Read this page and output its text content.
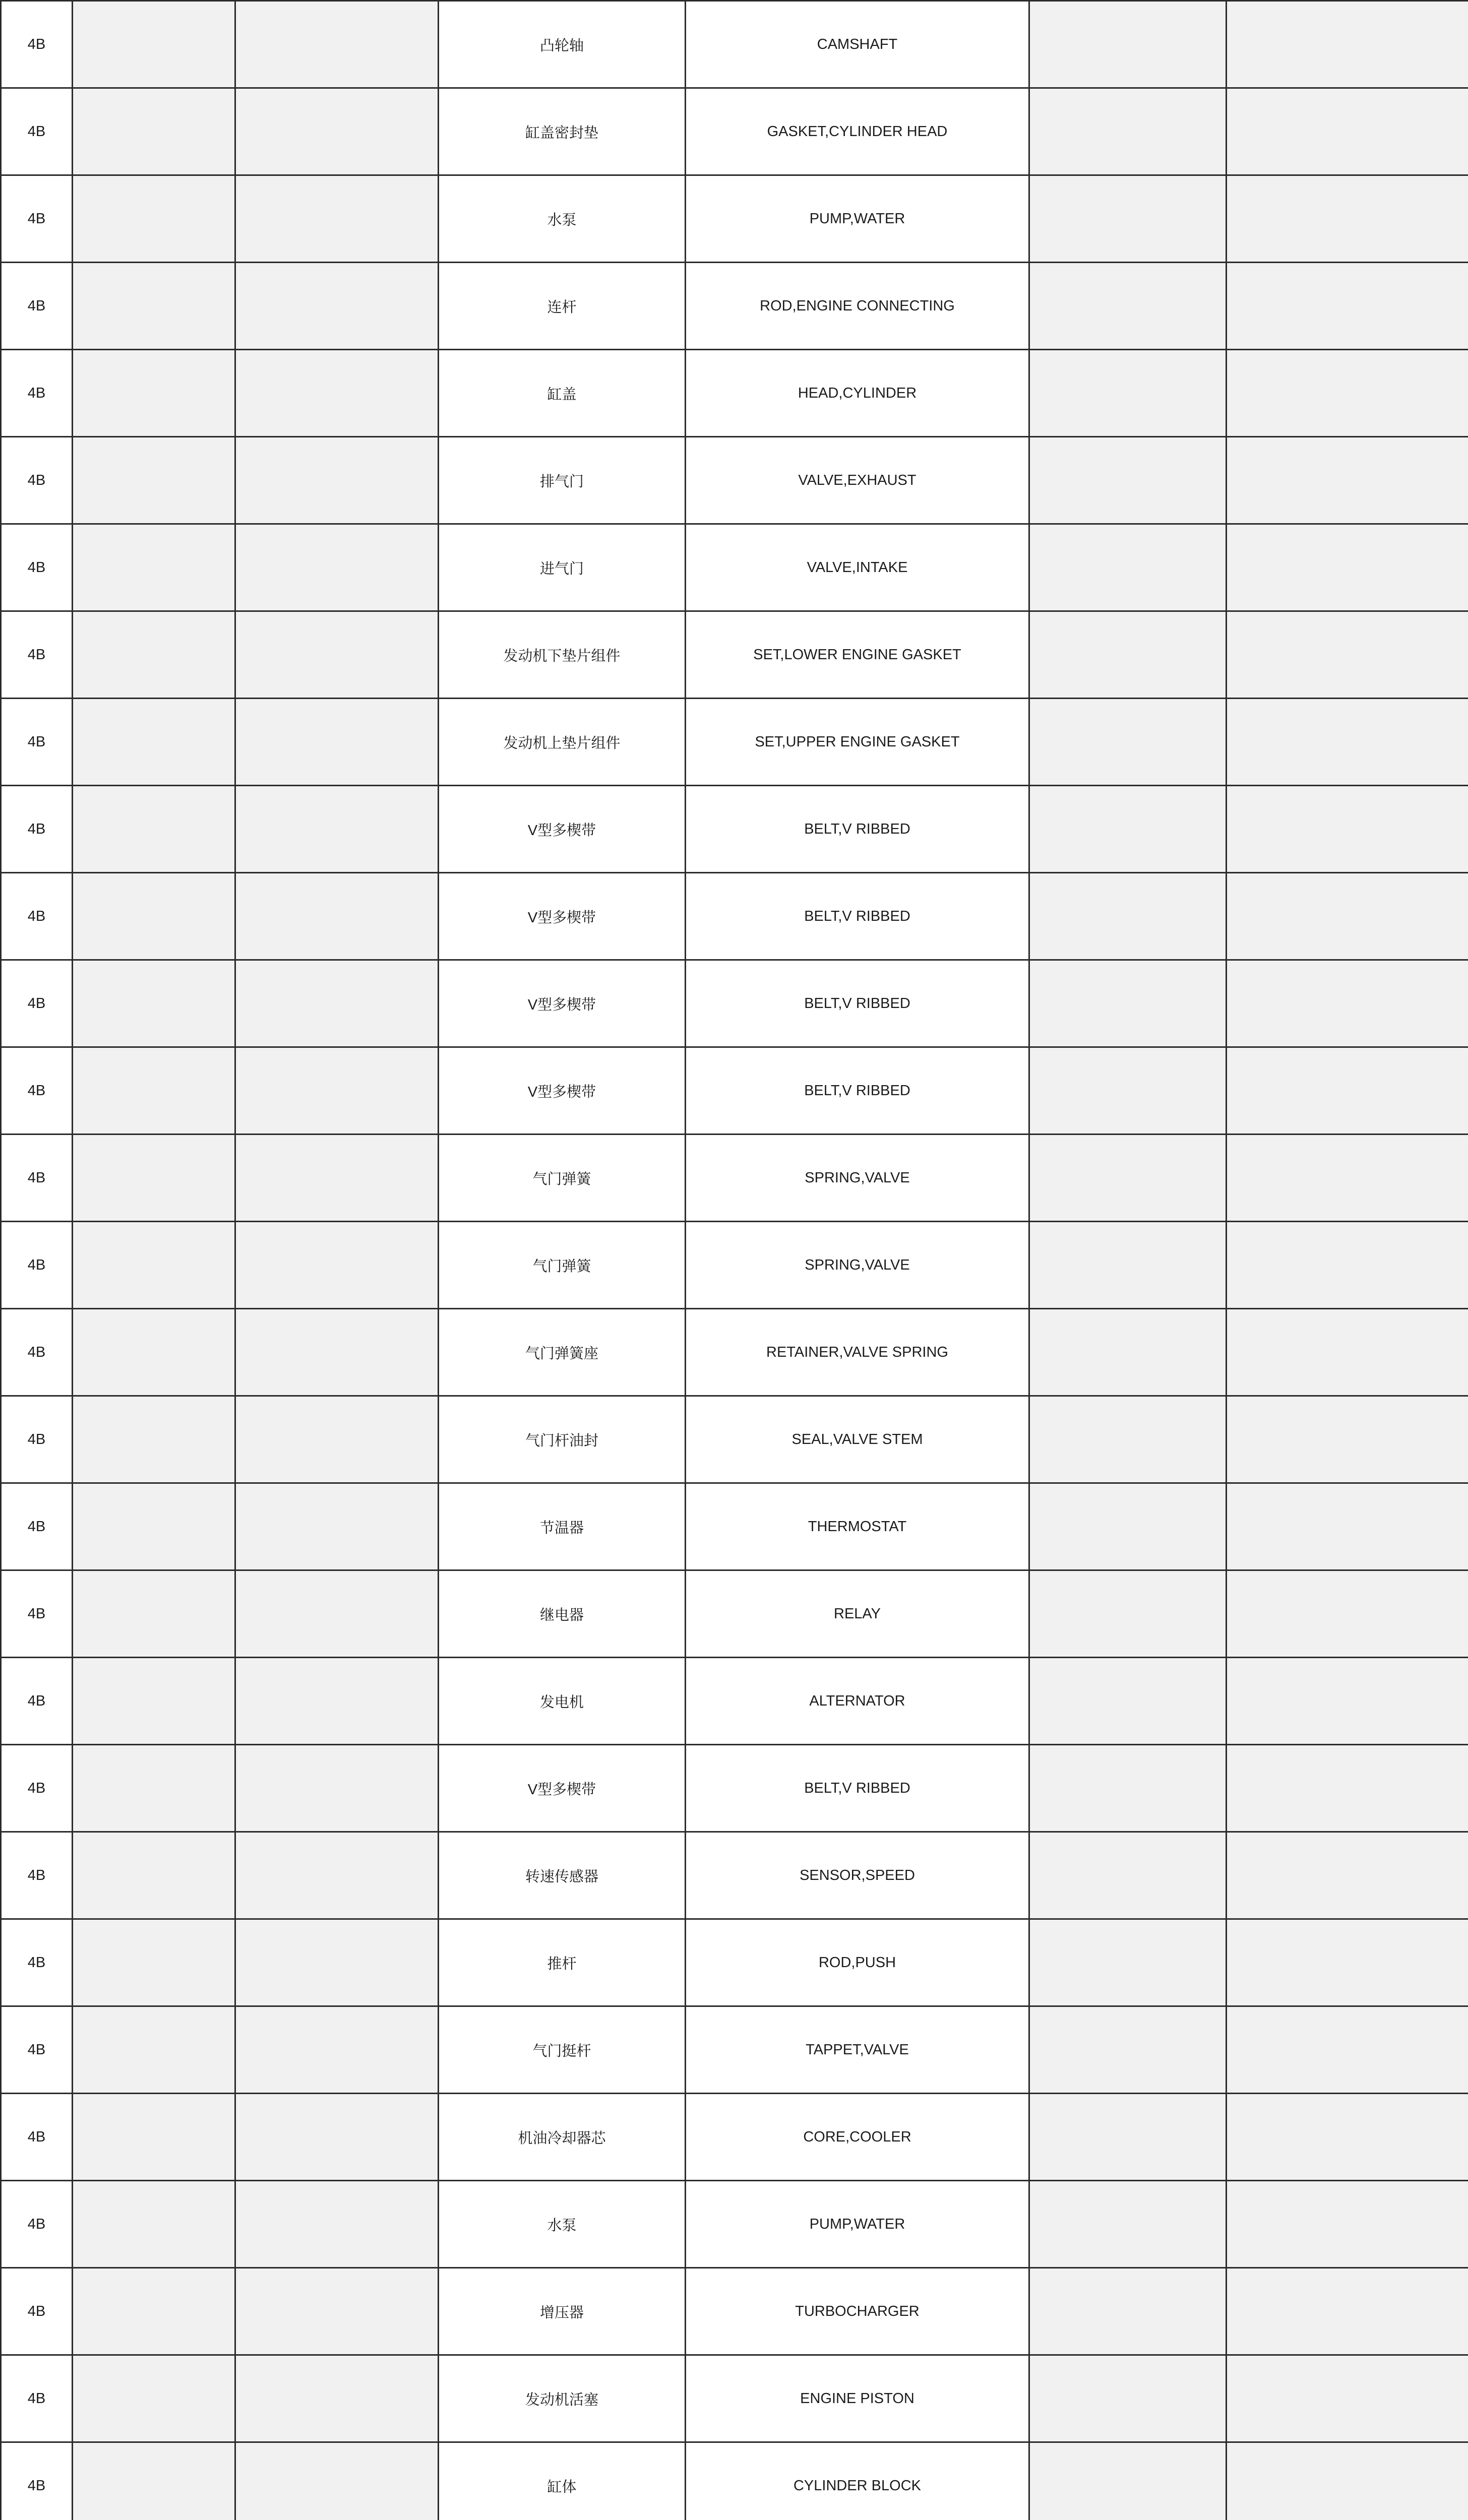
4B			凸轮轴	CAMSHAFT		
4B			缸盖密封垫	GASKET,CYLINDER HEAD		
4B			水泵	PUMP,WATER		
4B			连杆	ROD,ENGINE CONNECTING		
4B			缸盖	HEAD,CYLINDER		
4B			排气门	VALVE,EXHAUST		
4B			进气门	VALVE,INTAKE		
4B			发动机下垫片组件	SET,LOWER ENGINE GASKET		
4B			发动机上垫片组件	SET,UPPER ENGINE GASKET		
4B			V型多楔带	BELT,V RIBBED		
4B			V型多楔带	BELT,V RIBBED		
4B			V型多楔带	BELT,V RIBBED		
4B			V型多楔带	BELT,V RIBBED		
4B			气门弹簧	SPRING,VALVE		
4B			气门弹簧	SPRING,VALVE		
4B			气门弹簧座	RETAINER,VALVE SPRING		
4B			气门杆油封	SEAL,VALVE STEM		
4B			节温器	THERMOSTAT		
4B			继电器	RELAY		
4B			发电机	ALTERNATOR		
4B			V型多楔带	BELT,V RIBBED		
4B			转速传感器	SENSOR,SPEED		
4B			推杆	ROD,PUSH		
4B			气门挺杆	TAPPET,VALVE		
4B			机油冷却器芯	CORE,COOLER		
4B			水泵	PUMP,WATER		
4B			增压器	TURBOCHARGER		
4B			发动机活塞	ENGINE PISTON		
4B			缸体	CYLINDER BLOCK		
